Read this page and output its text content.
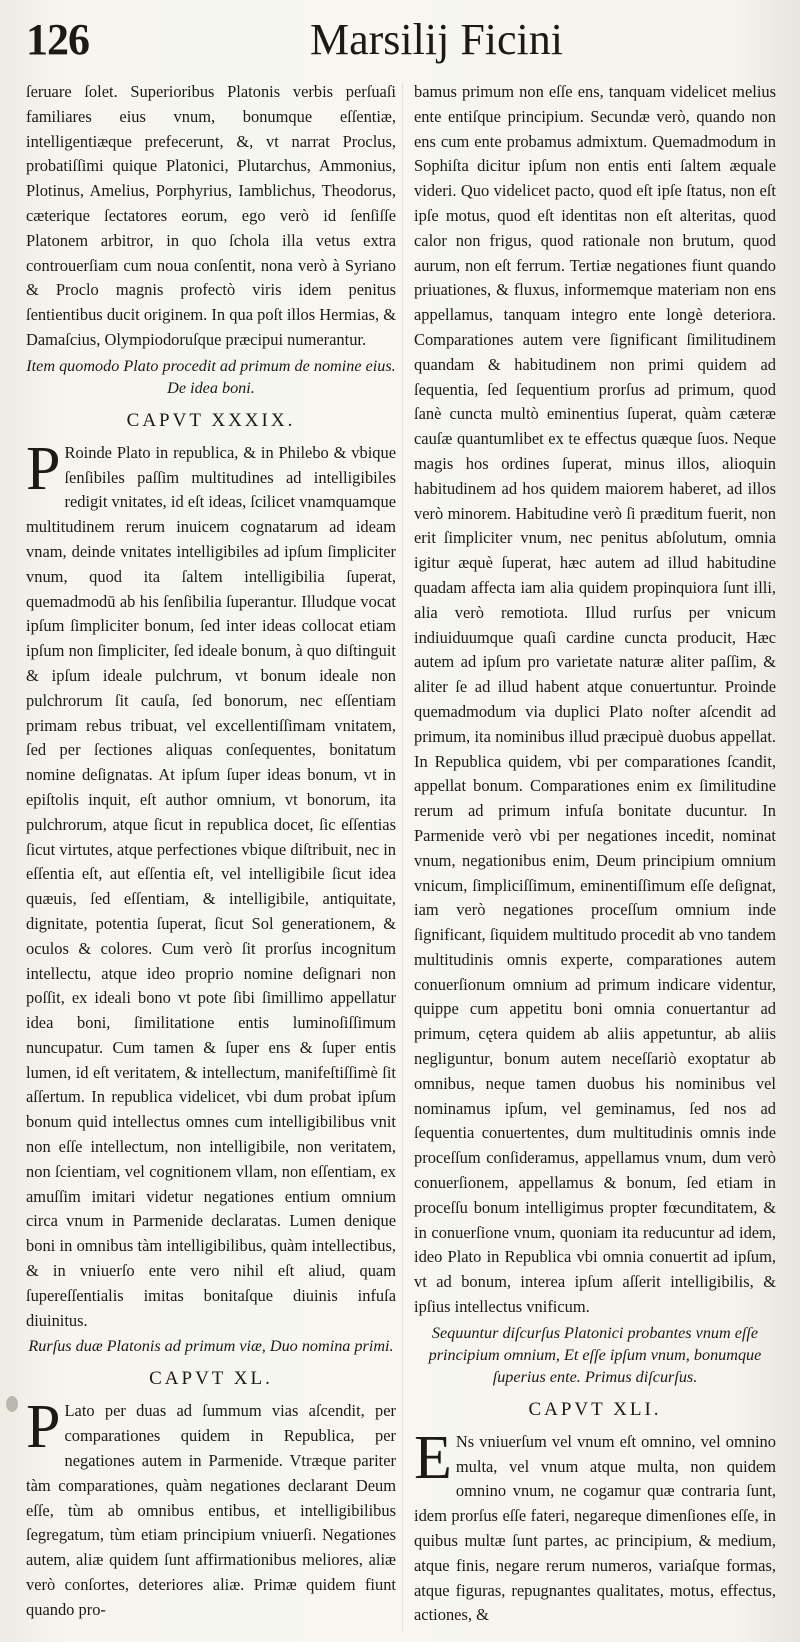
126	Marsilij Ficini

ſeruare ſolet. Superioribus Platonis verbis perſuaſi familiares eius vnum, bonumque eſſentiæ, intelligentiæque prefecerunt, &, vt narrat Proclus, probatiſſimi quique Platonici, Plutarchus, Ammonius, Plotinus, Amelius, Porphyrius, Iamblichus, Theodorus, cæterique ſectatores eorum, ego verò id ſenſiſſe Platonem arbitror, in quo ſchola illa vetus extra controuerſiam cum noua conſentit, nona verò à Syriano & Proclo magnis profectò viris idem penitus ſentientibus ducit originem. In qua poſt illos Hermias, & Damaſcius, Olympiodoruſque præcipui numerantur.

Item quomodo Plato procedit ad primum de nomine eius. De idea boni.
CAPVT XXXIX.

P Roinde Plato in republica, & in Philebo & vbique ſenſibiles paſſim multitudines ad intelligibiles redigit vnitates, id eſt ideas, ſcilicet vnamquamque multitudinem rerum inuicem cognatarum ad ideam vnam, deinde vnitates intelligibiles ad ipſum ſimpliciter vnum, quod ita ſaltem intelligibilia ſuperat, quemadmodū ab his ſenſibilia ſuperantur. Illudque vocat ipſum ſimpliciter bonum, ſed inter ideas collocat etiam ipſum non ſimpliciter, ſed ideale bonum, à quo diſtinguit & ipſum ideale pulchrum, vt bonum ideale non pulchrorum ſit cauſa, ſed bonorum, nec eſſentiam primam rebus tribuat, vel excellentiſſimam vnitatem, ſed per ſectiones aliquas conſequentes, bonitatum nomine deſignatas. At ipſum ſuper ideas bonum, vt in epiſtolis inquit, eſt author omnium, vt bonorum, ita pulchrorum, atque ſicut in republica docet, ſic eſſentias ſicut virtutes, atque perfectiones vbique diſtribuit, nec in eſſentia eſt, aut eſſentia eſt, vel intelligibile ſicut idea quæuis, ſed eſſentiam, & intelligibile, antiquitate, dignitate, potentia ſuperat, ſicut Sol generationem, & oculos & colores. Cum verò ſit prorſus incognitum intellectu, atque ideo proprio nomine deſignari non poſſit, ex ideali bono vt pote ſibi ſimillimo appellatur idea boni, ſimilitatione entis luminoſiſſimum nuncupatur. Cum tamen & ſuper ens & ſuper entis lumen, id eſt veritatem, & intellectum, manifeſtiſſimè ſit aſſertum. In republica videlicet, vbi dum probat ipſum bonum quid intellectus omnes cum intelligibilibus vnit non eſſe intellectum, non intelligibile, non veritatem, non ſcientiam, vel cognitionem vllam, non eſſentiam, ex amuſſim imitari videtur negationes entium omnium circa vnum in Parmenide declaratas. Lumen denique boni in omnibus tàm intelligibilibus, quàm intellectibus, & in vniuerſo ente vero nihil eſt aliud, quam ſupereſſentialis imitas bonitaſque diuinis infuſa diuinitus.

Rurſus duæ Platonis ad primum viæ, Duo nomina primi.
CAPVT XL.

P Lato per duas ad ſummum vias aſcendit, per comparationes quidem in Republica, per negationes autem in Parmenide. Vtræque pariter tàm comparationes, quàm negationes declarant Deum eſſe, tùm ab omnibus entibus, et intelligibilibus ſegregatum, tùm etiam principium vniuerſi. Negationes autem, aliæ quidem ſunt affirmationibus meliores, aliæ verò conſortes, deteriores aliæ. Primæ quidem fiunt quando pro-

bamus primum non eſſe ens, tanquam videlicet melius ente entiſque principium. Secundæ verò, quando non ens cum ente probamus admixtum. Quemadmodum in Sophiſta dicitur ipſum non entis enti ſaltem æquale videri. Quo videlicet pacto, quod eſt ipſe ſtatus, non eſt ipſe motus, quod eſt identitas non eſt alteritas, quod calor non frigus, quod rationale non brutum, quod aurum, non eſt ferrum. Tertiæ negationes fiunt quando priuationes, & fluxus, informemque materiam non ens appellamus, tanquam integro ente longè deteriora. Comparationes autem vere ſignificant ſimilitudinem quandam & habitudinem non primi quidem ad ſequentia, ſed ſequentium prorſus ad primum, quod ſanè cuncta multò eminentius ſuperat, quàm cæteræ cauſæ quantumlibet ex te effectus quæque ſuos. Neque magis hos ordines ſuperat, minus illos, alioquin habitudinem ad hos quidem maiorem haberet, ad illos verò minorem. Habitudine verò ſi præditum fuerit, non erit ſimpliciter vnum, nec penitus abſolutum, omnia igitur æquè ſuperat, hæc autem ad illud habitudine quadam affecta iam alia quidem propinquiora ſunt illi, alia verò remotiota. Illud rurſus per vnicum indiuiduumque quaſi cardine cuncta producit, Hæc autem ad ipſum pro varietate naturæ aliter paſſim, & aliter ſe ad illud habent atque conuertuntur. Proinde quemadmodum via duplici Plato noſter aſcendit ad primum, ita nominibus illud præcipuè duobus appellat. In Republica quidem, vbi per comparationes ſcandit, appellat bonum. Comparationes enim ex ſimilitudine rerum ad primum infuſa bonitate ducuntur. In Parmenide verò vbi per negationes incedit, nominat vnum, negationibus enim, Deum principium omnium vnicum, ſimpliciſſimum, eminentiſſimum eſſe deſignat, iam verò negationes proceſſum omnium inde ſignificant, ſiquidem multitudo procedit ab vno tandem multitudinis omnis experte, comparationes autem conuerſionum omnium ad primum indicare videntur, quippe cum appetitu boni omnia conuertantur ad primum, cętera quidem ab aliis appetuntur, ab aliis negliguntur, bonum autem neceſſariò exoptatur ab omnibus, neque tamen duobus his nominibus vel nominamus ipſum, vel geminamus, ſed nos ad ſequentia conuertentes, dum multitudinis omnis inde proceſſum conſideramus, appellamus vnum, dum verò conuerſionem, appellamus & bonum, ſed etiam in proceſſu bonum intelligimus propter fœcunditatem, & in conuerſione vnum, quoniam ita reducuntur ad idem, ideo Plato in Republica vbi omnia conuertit ad ipſum, vt ad bonum, interea ipſum aſſerit intelligibilis, & ipſius intellectus vnificum.

Sequuntur diſcurſus Platonici probantes vnum eſſe principium omnium, Et eſſe ipſum vnum, bonumque ſuperius ente. Primus diſcurſus.
CAPVT XLI.

E Ns vniuerſum vel vnum eſt omnino, vel omnino multa, vel vnum atque multa, non quidem omnino vnum, ne cogamur quæ contraria ſunt, idem prorſus eſſe fateri, negareque dimenſiones eſſe, in quibus multæ ſunt partes, ac principium, & medium, atque finis, negare rerum numeros, variaſque formas, atque figuras, repugnantes qualitates, motus, effectus, actiones, &
